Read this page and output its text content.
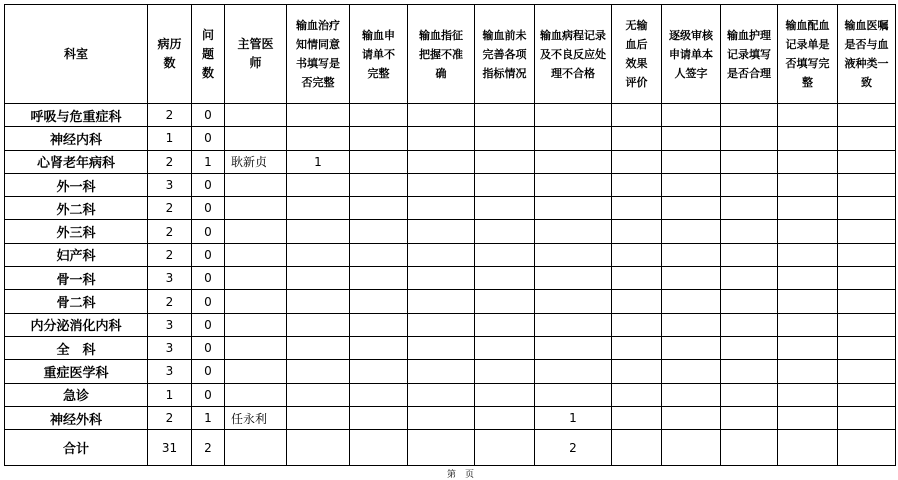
科室	病历数	问题数	主管医师	输血治疗知情同意书填写是否完整	输血申请单不完整	输血指征把握不准确	输血前未完善各项指标情况	输血病程记录及不良反应处理不合格	无输血后效果评价	逐级审核申请单本人签字	输血护理记录填写是否合理	输血配血记录单是否填写完整	输血医嘱是否与血液种类一致

呼吸与危重症科	2	0											
神经内科	1	0											
心肾老年病科	2	1	耿新贞	1									
外一科	3	0											
外二科	2	0											
外三科	2	0											
妇产科	2	0											
骨一科	3	0											
骨二科	2	0											
内分泌消化内科	3	0											
全　科	3	0											
重症医学科	3	0											
急诊	1	0											
神经外科	2	1	任永利					1					
合计	31	2						2					
第　页
